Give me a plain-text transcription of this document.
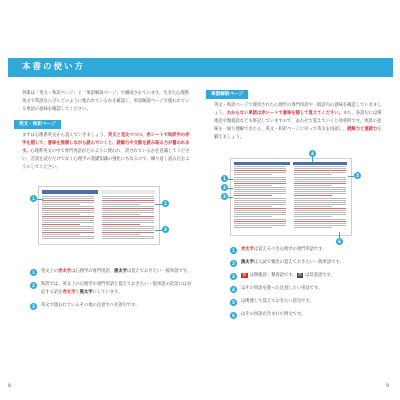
本書の使い方
各節は「英文・和訳ページ」と「単語解説ページ」で構成されています。生きた心理系英文で英語ならびにどのように使われているかを確認し、単語解説ページで使われている単語の意味を確認してください。
英文・和訳ページ
まずは心理系英文から読んでいきましょう。英文と見比べつつ、赤シートで和訳中の赤字を隠して、意味を推測しながら読んでいくと、読解力や文脈を読み取る力が養われます。心理系英文の中で専門用語がどのように使われ、訳されているかを意識してください。音読を読むだけでなく心理学の基礎知識の強化にもなるので、繰り返し読み込むようにしてください。
1
2
3
1	英文上の赤太字は心理学の専門用語、黒太字は覚えておきたい一般単語です。
2	和訳では、英文上の心理学の専門用語と覚えておきたい一般単語の訳語には対応する訳を赤太字と黒太字にしています。
3	英文で使われているその他の注意すべき語句です。
8
単語解説ページ
英文・和訳ページで使用された心理学の専門用語や一般語句の意味を確認していきましょう。わからない単語は赤シートで意味を隠して覚えてください。また、各語句には関連語や類義語なども併記していますので、あわせて覚えていくと効率的です。単語の意味を一通り理解できたら、英文・和訳ページに戻って英文を再読し、読解力と速読力を鍛えましょう。
1
2
3
4
5
6
1	赤太字は覚えるべき心理学の専門用語です。
2	黒太字は入試で頻出の覚えておきたい一般単語です。
3	関 は関連語・類義語です。 関 は反意語です。
4	はその単語を使った注意したい用法です。
5	は関連して覚えておきたい語句です。
6	はその単語が含まれた例文です。
9
